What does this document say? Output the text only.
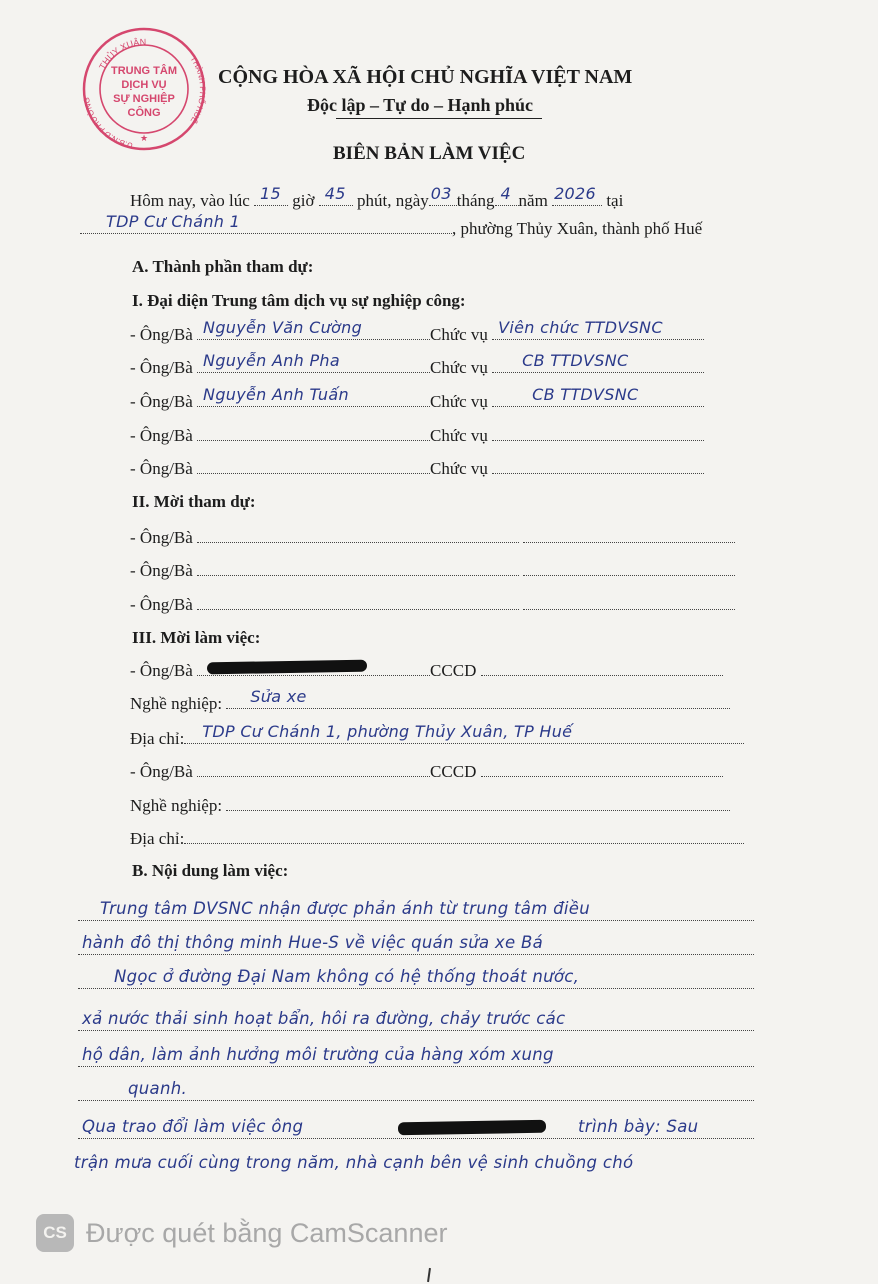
THỦY XUÂN
U.B.N.D PHƯỜNG
THÀNH PHỐ HUẾ
TRUNG TÂM
DỊCH VỤ
SỰ NGHIỆP
CÔNG
★
CỘNG HÒA XÃ HỘI CHỦ NGHĨA VIỆT NAM
Độc lập – Tự do – Hạnh phúc
BIÊN BẢN LÀM VIỆC
Hôm nay, vào lúc 15 giờ 45 phút, ngày 03 tháng 4 năm 2026 tại
TDP Cư Chánh 1	, phường Thủy Xuân, thành phố Huế
A. Thành phần tham dự:
I. Đại diện Trung tâm dịch vụ sự nghiệp công:
- Ông/Bà Nguyễn Văn Cường	Chức vụ Viên chức TTDVSNC
- Ông/Bà Nguyễn Anh Pha	Chức vụ CB TTDVSNC
- Ông/Bà Nguyễn Anh Tuấn	Chức vụ	CB TTDVSNC
- Ông/Bà	Chức vụ
- Ông/Bà	Chức vụ
II. Mời tham dự:
- Ông/Bà
- Ông/Bà
- Ông/Bà
III. Mời làm việc:
- Ông/Bà	CCCD
Nghề nghiệp: Sửa xe
Địa chỉ: TDP Cư Chánh 1, phường Thủy Xuân, TP Huế
- Ông/Bà	CCCD
Nghề nghiệp:
Địa chỉ:
B. Nội dung làm việc:
Trung tâm DVSNC nhận được phản ánh từ trung tâm điều
hành đô thị thông minh Hue-S về việc quán sửa xe Bá
Ngọc ở đường Đại Nam không có hệ thống thoát nước,
xả nước thải sinh hoạt bẩn, hôi ra đường, chảy trước các
hộ dân, làm ảnh hưởng môi trường của hàng xóm xung
quanh.
Qua trao đổi làm việc ông	trình bày: Sau
trận mưa cuối cùng trong năm, nhà cạnh bên vệ sinh chuồng chó
CS Được quét bằng CamScanner
